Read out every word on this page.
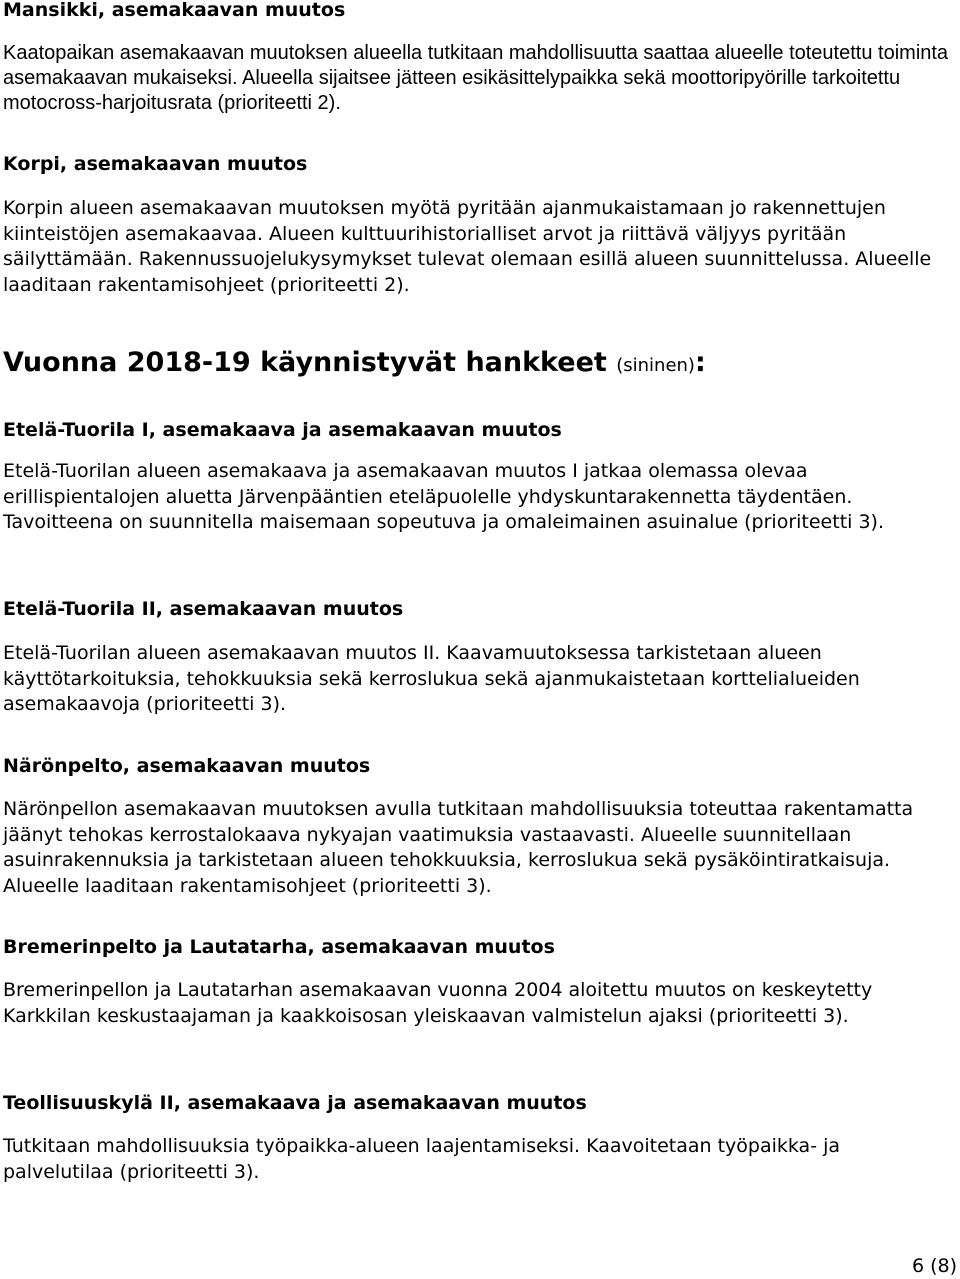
Mansikki, asemakaavan muutos

Kaatopaikan asemakaavan muutoksen alueella tutkitaan mahdollisuutta saattaa alueelle toteutettu toiminta asemakaavan mukaiseksi. Alueella sijaitsee jätteen esikäsittelypaikka sekä moottoripyörille tarkoitettu motocross-harjoitusrata (prioriteetti 2).

Korpi, asemakaavan muutos

Korpin alueen asemakaavan muutoksen myötä pyritään ajanmukaistamaan jo rakennettujen kiinteistöjen asemakaavaa. Alueen kulttuurihistorialliset arvot ja riittävä väljyys pyritään säilyttämään. Rakennussuojelukysymykset tulevat olemaan esillä alueen suunnittelussa. Alueelle laaditaan rakentamisohjeet (prioriteetti 2).

Vuonna 2018-19 käynnistyvät hankkeet (sininen):
Etelä-Tuorila I, asemakaava ja asemakaavan muutos

Etelä-Tuorilan alueen asemakaava ja asemakaavan muutos I jatkaa olemassa olevaa erillispientalojen aluetta Järvenpääntien eteläpuolelle yhdyskuntarakennetta täydentäen. Tavoitteena on suunnitella maisemaan sopeutuva ja omaleimainen asuinalue (prioriteetti 3).

Etelä-Tuorila II, asemakaavan muutos

Etelä-Tuorilan alueen asemakaavan muutos II. Kaavamuutoksessa tarkistetaan alueen käyttötarkoituksia, tehokkuuksia sekä kerroslukua sekä ajanmukaistetaan korttelialueiden asemakaavoja (prioriteetti 3).

Närönpelto, asemakaavan muutos

Närönpellon asemakaavan muutoksen avulla tutkitaan mahdollisuuksia toteuttaa rakentamatta jäänyt tehokas kerrostalokaava nykyajan vaatimuksia vastaavasti. Alueelle suunnitellaan asuinrakennuksia ja tarkistetaan alueen tehokkuuksia, kerroslukua sekä pysäköintiratkaisuja. Alueelle laaditaan rakentamisohjeet (prioriteetti 3).

Bremerinpelto ja Lautatarha, asemakaavan muutos

Bremerinpellon ja Lautatarhan asemakaavan vuonna 2004 aloitettu muutos on keskeytetty Karkkilan keskustaajaman ja kaakkoisosan yleiskaavan valmistelun ajaksi (prioriteetti 3).

Teollisuuskylä II, asemakaava ja asemakaavan muutos

Tutkitaan mahdollisuuksia työpaikka-alueen laajentamiseksi. Kaavoitetaan työpaikka- ja palvelutilaa (prioriteetti 3).

6 (8)
